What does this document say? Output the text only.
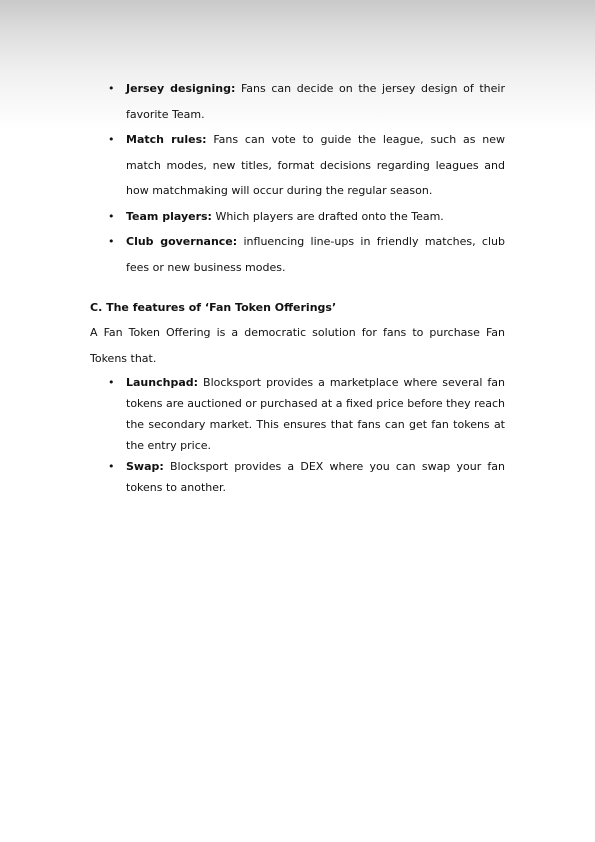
• Jersey designing: Fans can decide on the jersey design of their favorite Team.
• Match rules: Fans can vote to guide the league, such as new match modes, new titles, format decisions regarding leagues and how matchmaking will occur during the regular season.
• Team players: Which players are drafted onto the Team.
• Club governance: influencing line-ups in friendly matches, club fees or new business modes.
C. The features of ‘Fan Token Offerings’

A Fan Token Offering is a democratic solution for fans to purchase Fan Tokens that.

• Launchpad: Blocksport provides a marketplace where several fan tokens are auctioned or purchased at a fixed price before they reach the secondary market. This ensures that fans can get fan tokens at the entry price.
• Swap: Blocksport provides a DEX where you can swap your fan tokens to another.
